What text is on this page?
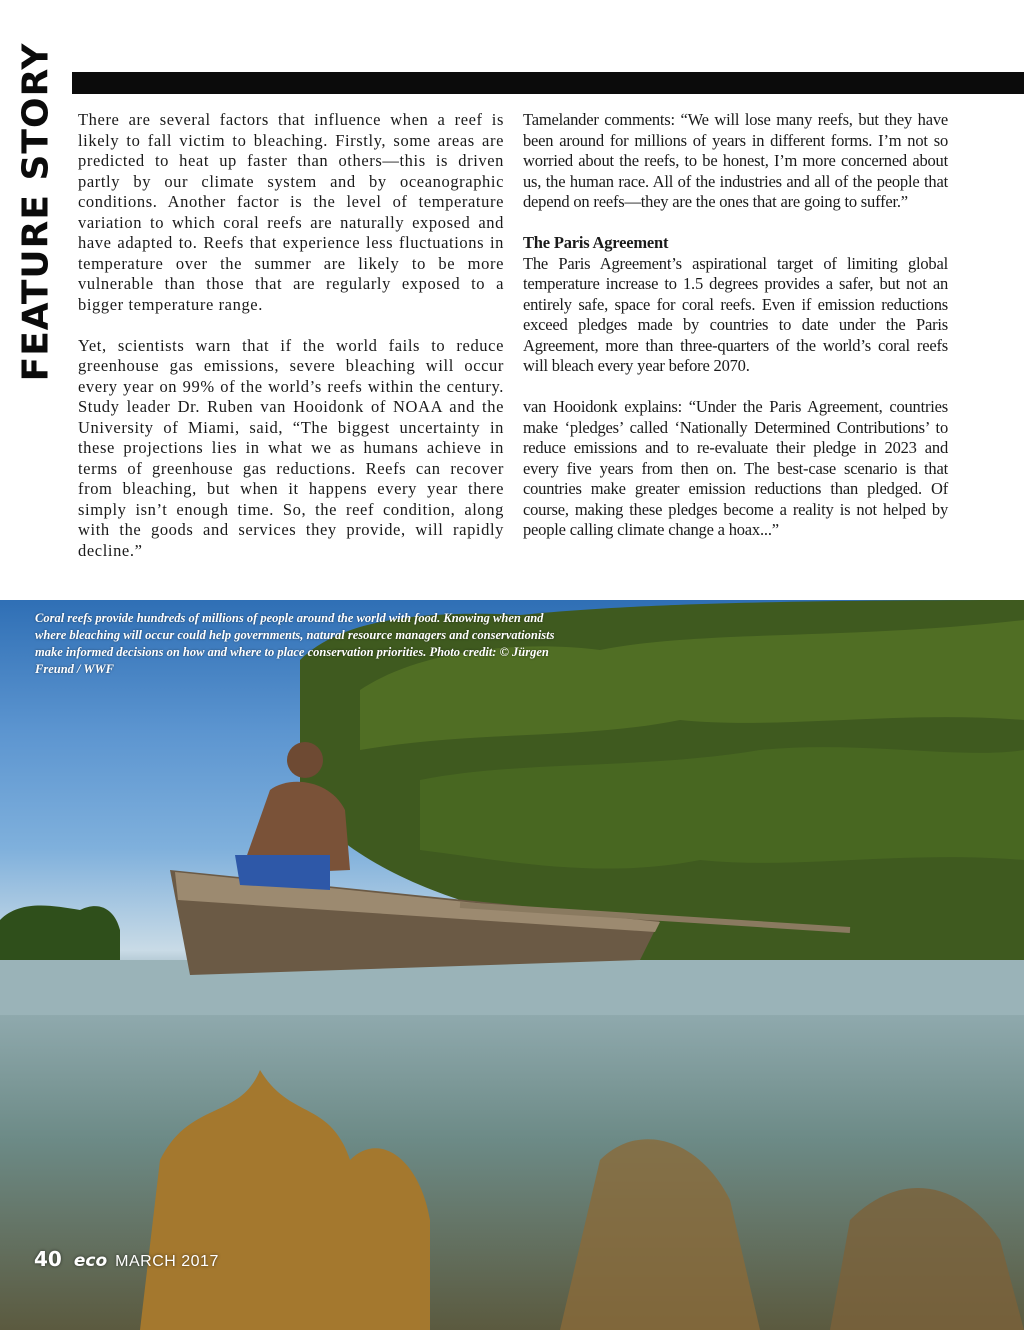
FEATURE STORY There are several factors that influence when a reef is likely to fall victim to bleaching. Firstly, some areas are predicted to heat up faster than others—this is driven partly by our climate system and by oceanographic conditions. Another factor is the level of temperature variation to which coral reefs are naturally exposed and have adapted to. Reefs that experience less fluctuations in temperature over the summer are likely to be more vulnerable than those that are regularly exposed to a bigger temperature range.

Yet, scientists warn that if the world fails to reduce greenhouse gas emissions, severe bleaching will occur every year on 99% of the world’s reefs within the century. Study leader Dr. Ruben van Hooidonk of NOAA and the University of Miami, said, “The biggest uncertainty in these projections lies in what we as humans achieve in terms of greenhouse gas reductions. Reefs can recover from bleaching, but when it happens every year there simply isn’t enough time. So, the reef condition, along with the goods and services they provide, will rapidly decline.”

Tamelander comments: “We will lose many reefs, but they have been around for millions of years in different forms. I’m not so worried about the reefs, to be honest, I’m more concerned about us, the human race. All of the industries and all of the people that depend on reefs—they are the ones that are going to suffer.”

The Paris Agreement

The Paris Agreement’s aspirational target of limiting global temperature increase to 1.5 degrees provides a safer, but not an entirely safe, space for coral reefs. Even if emission reductions exceed pledges made by countries to date under the Paris Agreement, more than three-quarters of the world’s coral reefs will bleach every year before 2070.

van Hooidonk explains: “Under the Paris Agreement, countries make ‘pledges’ called ‘Nationally Determined Contributions’ to reduce emissions and to re-evaluate their pledge in 2023 and every five years from then on. The best-case scenario is that countries make greater emission reductions than pledged. Of course, making these pledges become a reality is not helped by people calling climate change a hoax...”

Coral reefs provide hundreds of millions of people around the world with food. Knowing when and where bleaching will occur could help governments, natural resource managers and conservationists make informed decisions on how and where to place conservation priorities. Photo credit: © Jürgen Freund / WWF
40 eco MARCH 2017
